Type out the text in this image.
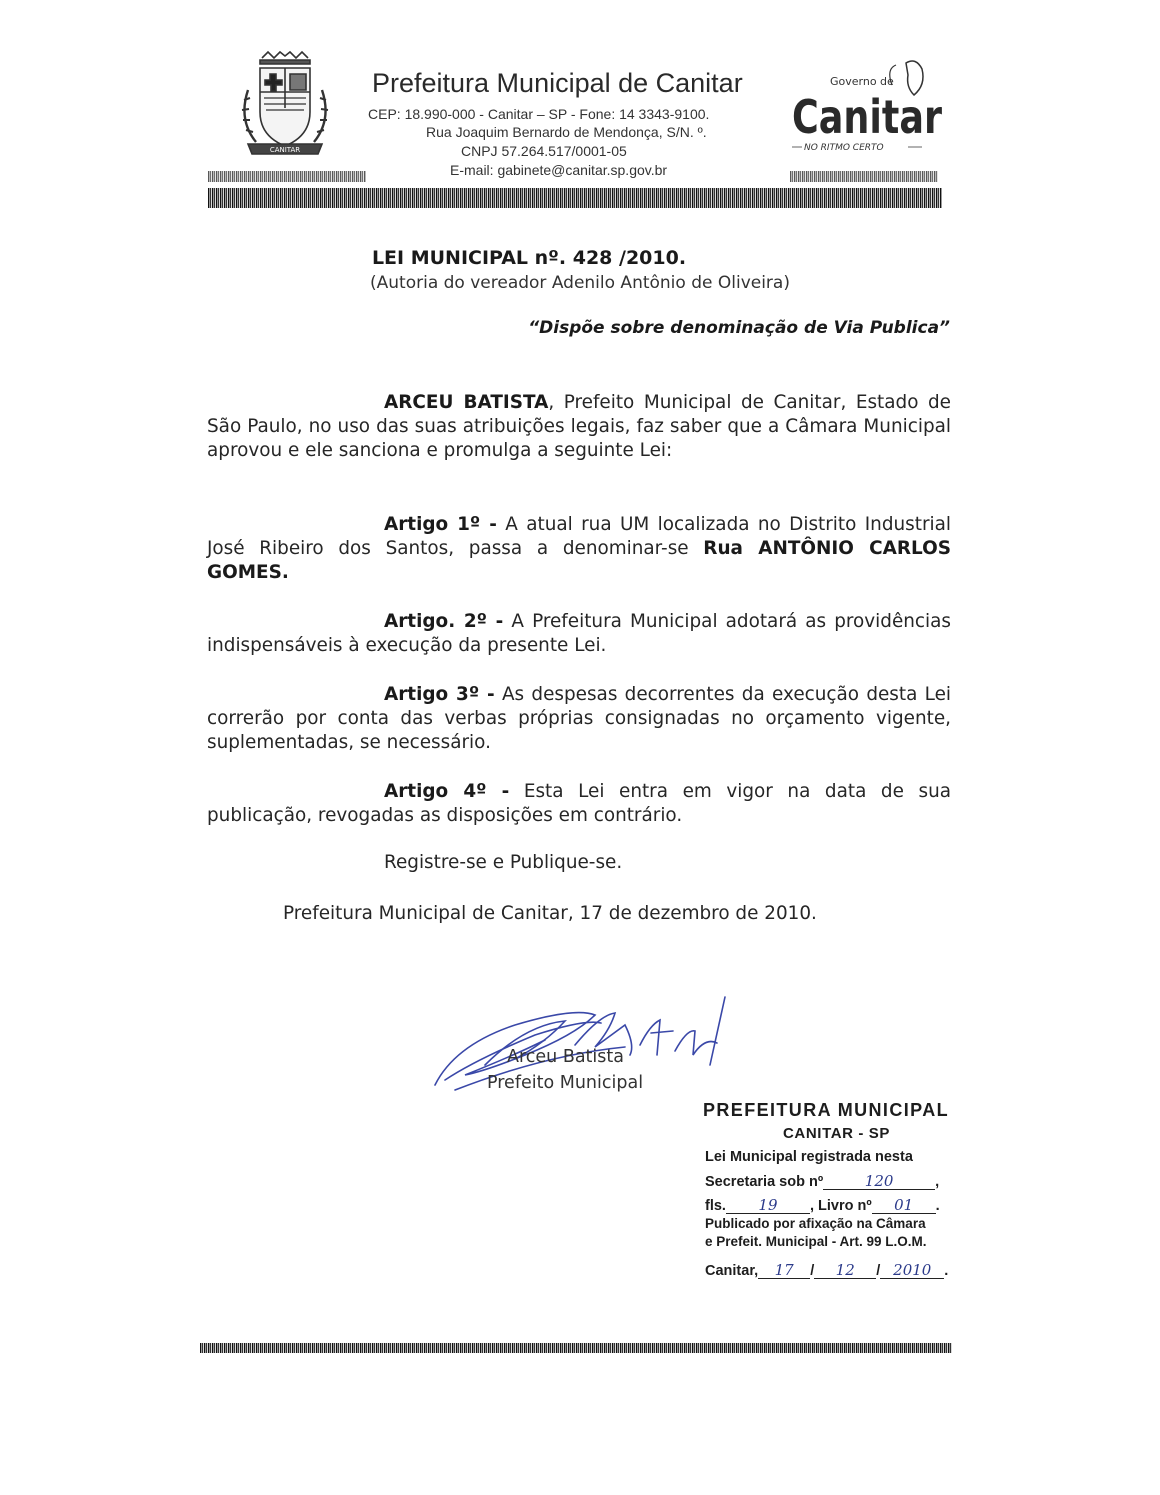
CANITAR
Prefeitura Municipal de Canitar
CEP: 18.990-000 - Canitar – SP - Fone: 14 3343-9100.
Rua Joaquim Bernardo de Mendonça, S/N. º.
CNPJ 57.264.517/0001-05
E-mail: gabinete@canitar.sp.gov.br
Governo de
Canitar
NO RITMO CERTO
LEI MUNICIPAL nº. 428 /2010.
(Autoria do vereador Adenilo Antônio de Oliveira)
“Dispõe sobre denominação de Via Publica”
ARCEU BATISTA, Prefeito Municipal de Canitar, Estado de São Paulo, no uso das suas atribuições legais, faz saber que a Câmara Municipal aprovou e ele sanciona e promulga a seguinte Lei:
Artigo 1º - A atual rua UM localizada no Distrito Industrial José Ribeiro dos Santos, passa a denominar-se Rua ANTÔNIO CARLOS GOMES.
Artigo. 2º - A Prefeitura Municipal adotará as providências indispensáveis à execução da presente Lei.
Artigo 3º - As despesas decorrentes da execução desta Lei correrão por conta das verbas próprias consignadas no orçamento vigente, suplementadas, se necessário.
Artigo 4º - Esta Lei entra em vigor na data de sua publicação, revogadas as disposições em contrário.
Registre-se e Publique-se.
Prefeitura Municipal de Canitar, 17 de dezembro de 2010.
Arceu Batista
Prefeito Municipal
PREFEITURA MUNICIPAL
CANITAR - SP
Lei Municipal registrada nesta
Secretaria sob nº	120	,
fls. 19 , Livro nº 01 .
Publicado por afixação na Câmara
e Prefeit. Municipal - Art. 99 L.O.M.
Canitar, 17 / 12 / 2010 .
